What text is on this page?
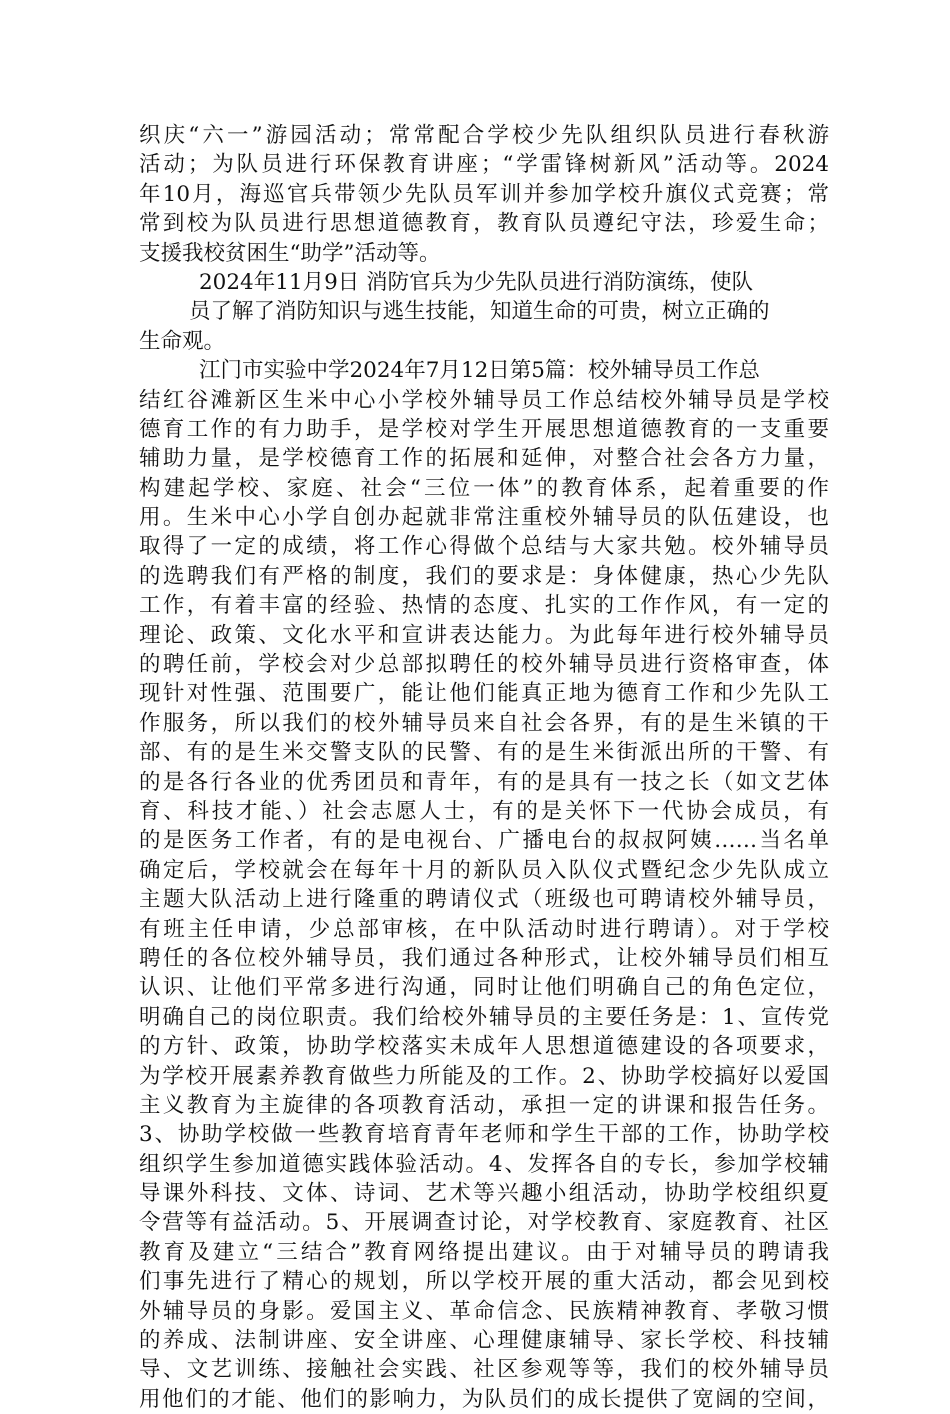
织庆“六一”游园活动；常常配合学校少先队组织队员进行春秋游
活动；为队员进行环保教育讲座；“学雷锋树新风”活动等。2024
年10月，海巡官兵带领少先队员军训并参加学校升旗仪式竞赛；常
常到校为队员进行思想道德教育，教育队员遵纪守法，珍爱生命；
支援我校贫困生“助学”活动等。
2024年11月9日 消防官兵为少先队员进行消防演练，使队
员了解了消防知识与逃生技能，知道生命的可贵，树立正确的
生命观。
江门市实验中学2024年7月12日第5篇：校外辅导员工作总
结红谷滩新区生米中心小学校外辅导员工作总结校外辅导员是学校
德育工作的有力助手，是学校对学生开展思想道德教育的一支重要
辅助力量，是学校德育工作的拓展和延伸，对整合社会各方力量，
构建起学校、家庭、社会“三位一体”的教育体系，起着重要的作
用。生米中心小学自创办起就非常注重校外辅导员的队伍建设，也
取得了一定的成绩，将工作心得做个总结与大家共勉。校外辅导员
的选聘我们有严格的制度，我们的要求是：身体健康，热心少先队
工作，有着丰富的经验、热情的态度、扎实的工作作风，有一定的
理论、政策、文化水平和宣讲表达能力。为此每年进行校外辅导员
的聘任前，学校会对少总部拟聘任的校外辅导员进行资格审查，体
现针对性强、范围要广，能让他们能真正地为德育工作和少先队工
作服务，所以我们的校外辅导员来自社会各界，有的是生米镇的干
部、有的是生米交警支队的民警、有的是生米街派出所的干警、有
的是各行各业的优秀团员和青年，有的是具有一技之长（如文艺体
育、科技才能、）社会志愿人士，有的是关怀下一代协会成员，有
的是医务工作者，有的是电视台、广播电台的叔叔阿姨……当名单
确定后，学校就会在每年十月的新队员入队仪式暨纪念少先队成立
主题大队活动上进行隆重的聘请仪式（班级也可聘请校外辅导员，
有班主任申请，少总部审核，在中队活动时进行聘请）。对于学校
聘任的各位校外辅导员，我们通过各种形式，让校外辅导员们相互
认识、让他们平常多进行沟通，同时让他们明确自己的角色定位，
明确自己的岗位职责。我们给校外辅导员的主要任务是：1、宣传党
的方针、政策，协助学校落实未成年人思想道德建设的各项要求，
为学校开展素养教育做些力所能及的工作。2、协助学校搞好以爱国
主义教育为主旋律的各项教育活动，承担一定的讲课和报告任务。
3、协助学校做一些教育培育青年老师和学生干部的工作，协助学校
组织学生参加道德实践体验活动。4、发挥各自的专长，参加学校辅
导课外科技、文体、诗词、艺术等兴趣小组活动，协助学校组织夏
令营等有益活动。5、开展调查讨论，对学校教育、家庭教育、社区
教育及建立“三结合”教育网络提出建议。由于对辅导员的聘请我
们事先进行了精心的规划，所以学校开展的重大活动，都会见到校
外辅导员的身影。爱国主义、革命信念、民族精神教育、孝敬习惯
的养成、法制讲座、安全讲座、心理健康辅导、家长学校、科技辅
导、文艺训练、接触社会实践、社区参观等等，我们的校外辅导员
用他们的才能、他们的影响力，为队员们的成长提供了宽阔的空间，
